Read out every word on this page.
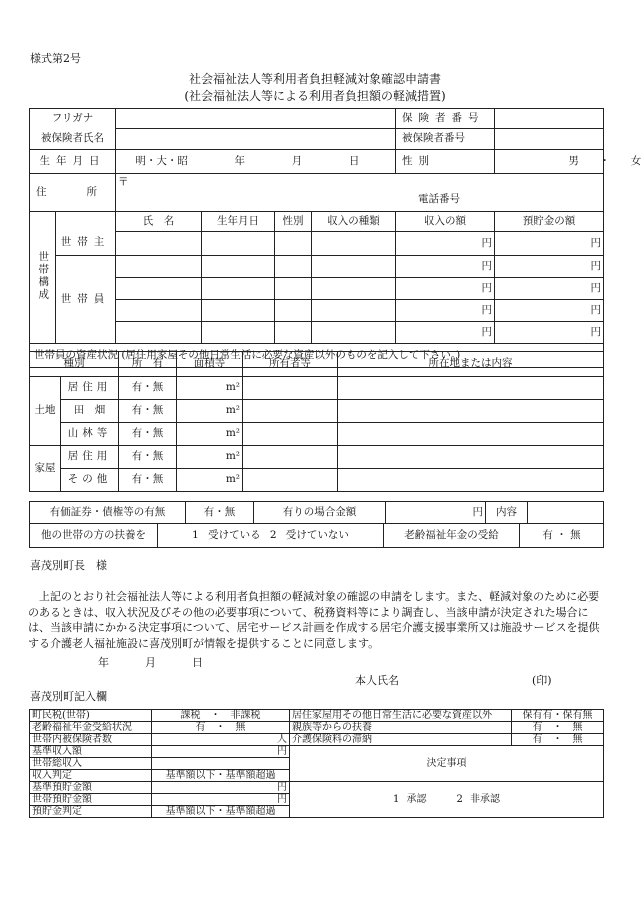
様式第2号
社会福祉法人等利用者負担軽減対象確認申請書
(社会福祉法人等による利用者負担額の軽減措置)
フリガナ						保険者番号	

被保険者氏名						被保険者番号	

生年月日		明・大・昭 年 月 日				性別	男 ・ 女
住所		〒
電話番号					

世帯構成		氏　名	生年月日	性別	収入の種類	収入の額	預貯金の額
	世帯主					円	円
	世帯員					円	円
						円	円
						円	円
						円	円
世帯員の資産状況 (居住用家屋その他日常生活に必要な資産以外のものを記入して下さい。)							
種別		所　有	面積等	所有者等	所在地または内容
土地	居住用	有・無	m²		
	田　畑	有・無	m²		
	山林等	有・無	m²		
家屋	居住用	有・無	m²		
	その他	有・無	m²		
有価証券・債権等の有無	有・無	有りの場合金額	円	内容	
他の世帯の方の扶養を	1 受けている 2 受けていない	老齢福祉年金の受給	有 ・ 無
喜茂別町長　様
上記のとおり社会福祉法人等による利用者負担額の軽減対象の確認の申請をします。また、軽減対象のために必要のあるときは、収入状況及びその他の必要事項について、税務資料等により調査し、当該申請が決定された場合には、当該申請にかかる決定事項について、居宅サービス計画を作成する居宅介護支援事業所又は施設サービスを提供する介護老人福祉施設に喜茂別町が情報を提供することに同意します。
年	月	日
本人氏名	(印)
喜茂別町記入欄
町民税(世帯)	課税　・　非課税	居住家屋用その他日常生活に必要な資産以外	保有有・保有無
老齢福祉年金受給状況	有　・　無	親族等からの扶養	有　・　無
世帯内被保険者数	人	介護保険料の滞納	有　・　無
基準収入額	円	決定事項	
世帯総収入			
収入判定	基準額以下・基準額超過		
基準預貯金額	円	1 承認　　　2 非承認	
世帯預貯金額	円		
預貯金判定	基準額以下・基準額超過		
